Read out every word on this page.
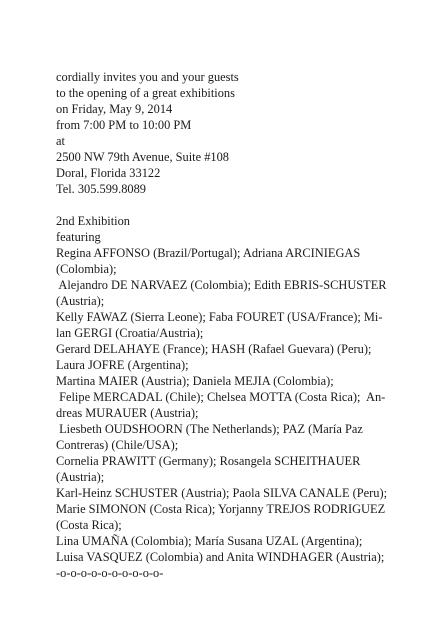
cordially invites you and your guests
to the opening of a great exhibitions
on Friday, May 9, 2014
from 7:00 PM to 10:00 PM
at
2500 NW 79th Avenue, Suite #108
Doral, Florida 33122
Tel. 305.599.8089
2nd Exhibition
featuring
Regina AFFONSO (Brazil/Portugal); Adriana ARCINIEGAS
(Colombia);
Alejandro DE NARVAEZ (Colombia); Edith EBRIS-SCHUSTER
(Austria);
Kelly FAWAZ (Sierra Leone); Faba FOURET (USA/France); Mi-
lan GERGI (Croatia/Austria);
Gerard DELAHAYE (France); HASH (Rafael Guevara) (Peru);
Laura JOFRE (Argentina);
Martina MAIER (Austria); Daniela MEJIA (Colombia);
Felipe MERCADAL (Chile); Chelsea MOTTA (Costa Rica);  An-
dreas MURAUER (Austria);
Liesbeth OUDSHOORN (The Netherlands); PAZ (María Paz
Contreras) (Chile/USA);
Cornelia PRAWITT (Germany); Rosangela SCHEITHAUER
(Austria);
Karl-Heinz SCHUSTER (Austria); Paola SILVA CANALE (Peru);
Marie SIMONON (Costa Rica); Yorjanny TREJOS RODRIGUEZ
(Costa Rica);
Lina UMAÑA (Colombia); María Susana UZAL (Argentina);
Luisa VASQUEZ (Colombia) and Anita WINDHAGER (Austria);
-o-o-o-o-o-o-o-o-o-o-
